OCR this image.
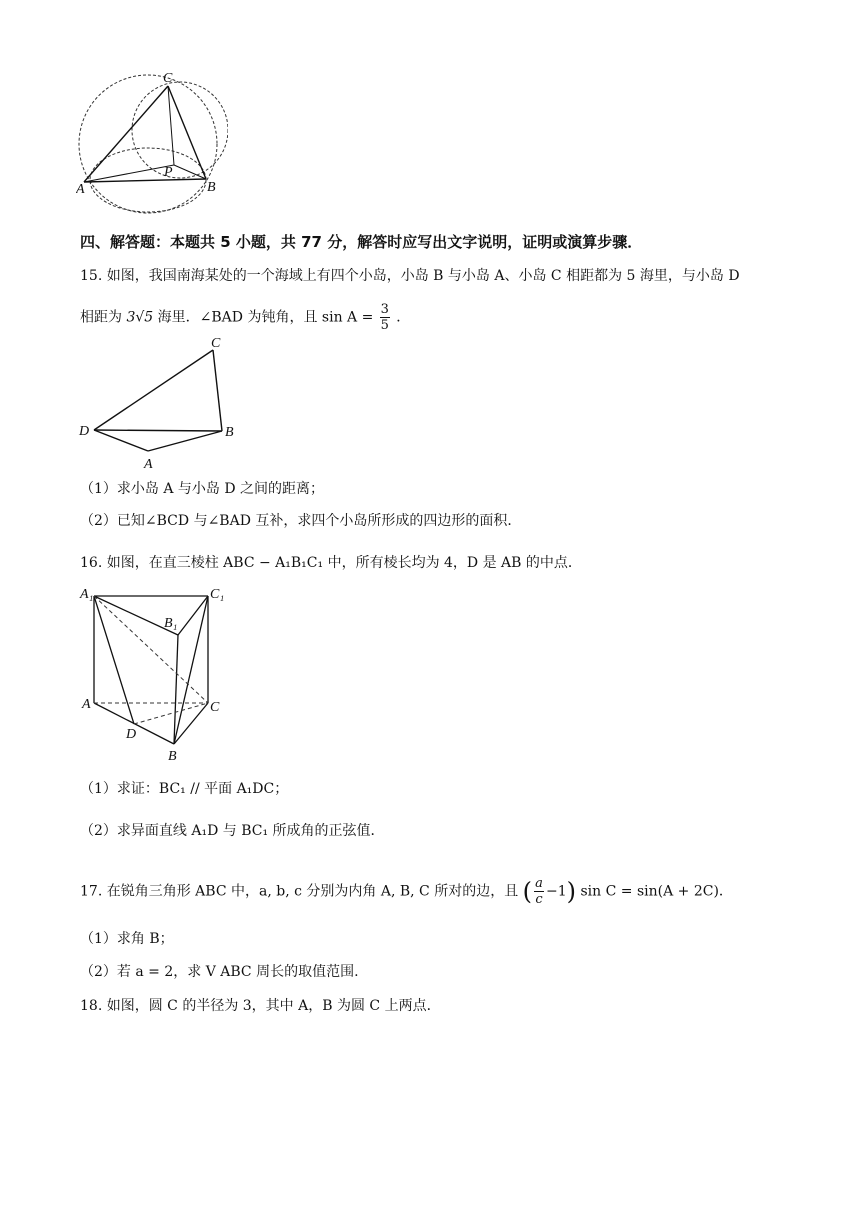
C
A	B
P
四、解答题：本题共 5 小题，共 77 分，解答时应写出文字说明，证明或演算步骤．
15. 如图，我国南海某处的一个海域上有四个小岛，小岛 B 与小岛 A、小岛 C 相距都为 5 海里，与小岛 D
相距为 3√5 海里．∠BAD 为钝角，且 $\sin A = \frac{3}{5}$ ．
C
D	B
A
（1）求小岛 A 与小岛 D 之间的距离；
（2）已知∠BCD 与∠BAD 互补，求四个小岛所形成的四边形的面积．
16. 如图，在直三棱柱 ABC − A₁B₁C₁ 中，所有棱长均为 4，D 是 AB 的中点．
A₁	C₁
B₁
A	C
D
B
（1）求证：BC₁ // 平面 A₁DC；
（2）求异面直线 A₁D 与 BC₁ 所成角的正弦值．
17. 在锐角三角形 ABC 中，a, b, c 分别为内角 A, B, C 所对的边，且 ( $\frac{a}{c} -1$) sin C = sin(A + 2C)．
（1）求角 B；
（2）若 a = 2，求 V ABC 周长的取值范围.
18. 如图，圆 C 的半径为 3，其中 A，B 为圆 C 上两点．
